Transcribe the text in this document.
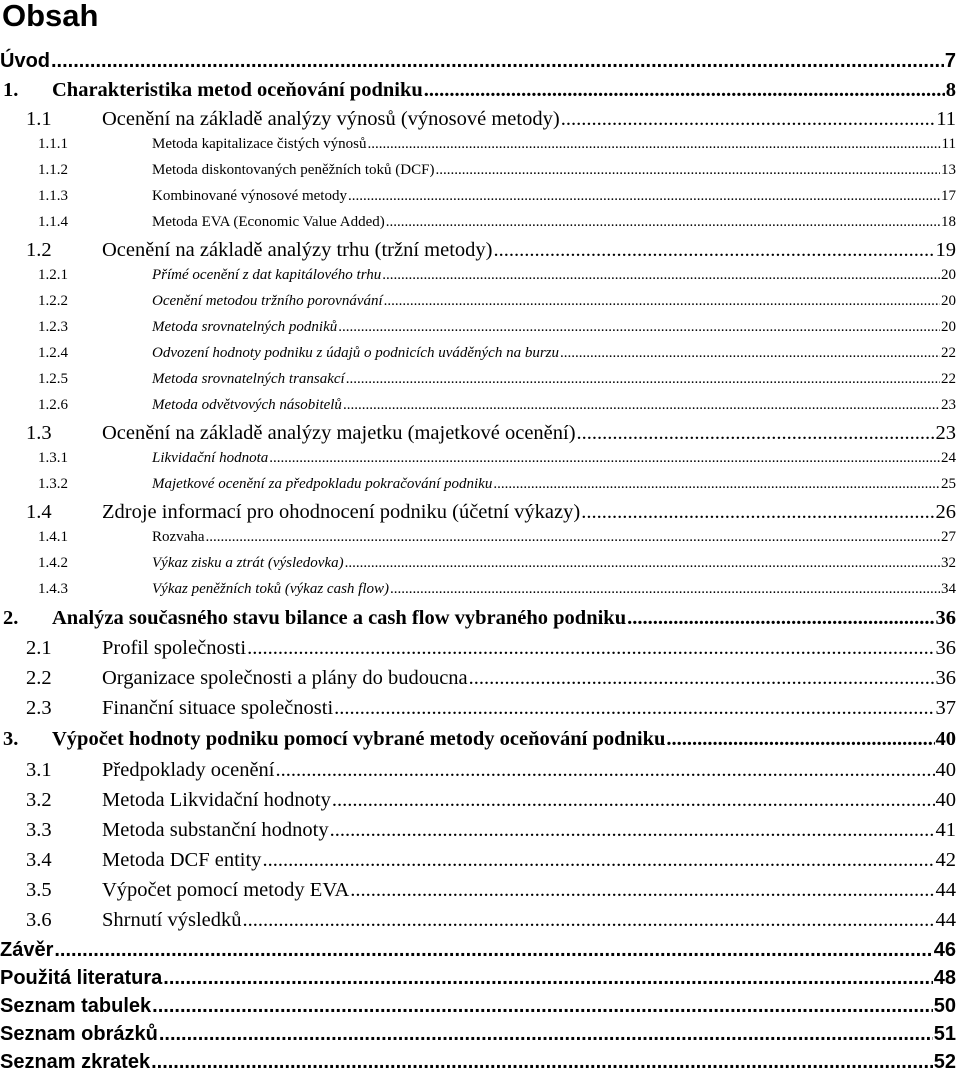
Obsah
Úvod .....	7
1.	Charakteristika metod oceňování podniku .....	8
1.1	Ocenění na základě analýzy výnosů (výnosové metody) .....	11
1.1.1	Metoda kapitalizace čistých výnosů .....	11
1.1.2	Metoda diskontovaných peněžních toků (DCF) .....	13
1.1.3	Kombinované výnosové metody .....	17
1.1.4	Metoda EVA (Economic Value Added) .....	18
1.2	Ocenění na základě analýzy trhu (tržní metody) .....	19
1.2.1	Přímé ocenění z dat kapitálového trhu .....	20
1.2.2	Ocenění metodou tržního porovnávání .....	20
1.2.3	Metoda srovnatelných podniků .....	20
1.2.4	Odvození hodnoty podniku z údajů o podnicích uváděných na burzu .....	22
1.2.5	Metoda srovnatelných transakcí .....	22
1.2.6	Metoda odvětvových násobitelů .....	23
1.3	Ocenění na základě analýzy majetku (majetkové ocenění) .....	23
1.3.1	Likvidační hodnota .....	24
1.3.2	Majetkové ocenění za předpokladu pokračování podniku .....	25
1.4	Zdroje informací pro ohodnocení podniku (účetní výkazy) .....	26
1.4.1	Rozvaha .....	27
1.4.2	Výkaz zisku a ztrát (výsledovka) .....	32
1.4.3	Výkaz peněžních toků (výkaz cash flow) .....	34
2.	Analýza současného stavu bilance a cash flow vybraného podniku .....	36
2.1	Profil společnosti .....	36
2.2	Organizace společnosti a plány do budoucna .....	36
2.3	Finanční situace společnosti .....	37
3.	Výpočet hodnoty podniku pomocí vybrané metody oceňování podniku .....	40
3.1	Předpoklady ocenění .....	40
3.2	Metoda Likvidační hodnoty .....	40
3.3	Metoda substanční hodnoty .....	41
3.4	Metoda DCF entity .....	42
3.5	Výpočet pomocí metody EVA .....	44
3.6	Shrnutí výsledků .....	44
Závěr .....	46
Použitá literatura .....	48
Seznam tabulek .....	50
Seznam obrázků .....	51
Seznam zkratek .....	52
